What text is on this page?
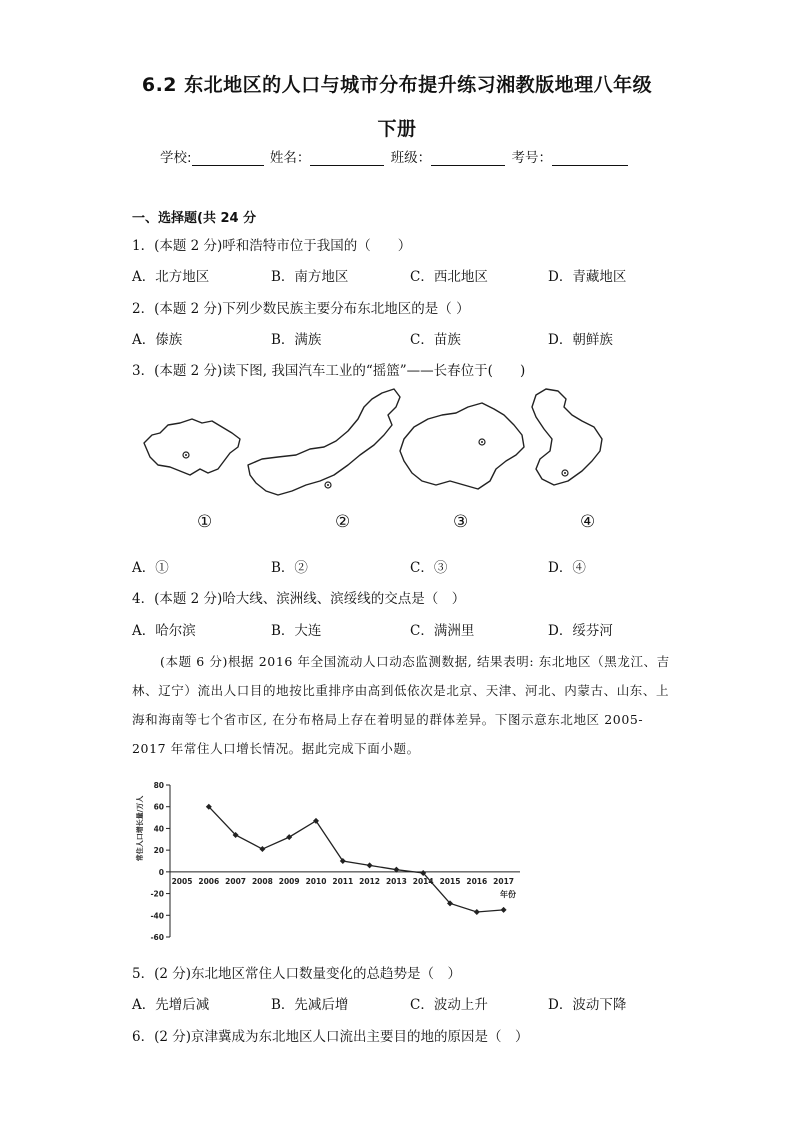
6.2 东北地区的人口与城市分布提升练习湘教版地理八年级
下册
学校:	姓名：	班级：	考号：
一、选择题(共 24 分
1．(本题 2 分)呼和浩特市位于我国的（　　）
A．北方地区	B．南方地区	C．西北地区	D．青藏地区
2．(本题 2 分)下列少数民族主要分布东北地区的是（ ）
A．傣族	B．满族	C．苗族	D．朝鲜族
3．(本题 2 分)读下图, 我国汽车工业的“摇篮”——长春位于(　　)
①	②	③	④
A．①	B．②	C．③	D．④
4．(本题 2 分)哈大线、滨洲线、滨绥线的交点是（　）
A．哈尔滨	B．大连	C．满洲里	D．绥芬河
(本题 6 分)根据 2016 年全国流动人口动态监测数据, 结果表明: 东北地区（黑龙江、吉林、辽宁）流出人口目的地按比重排序由高到低依次是北京、天津、河北、内蒙古、山东、上海和海南等七个省市区, 在分布格局上存在着明显的群体差异。下图示意东北地区 2005-2017 年常住人口增长情况。据此完成下面小题。
-60
-40
-20
0
20
40
60
80
2005 2006 2007 2008 2009 2010 2011 2012 2013 2014 2015 2016 2017
年份
常住人口增长量/万人
5．(2 分)东北地区常住人口数量变化的总趋势是（　）
A．先增后减	B．先减后增	C．波动上升	D．波动下降
6．(2 分)京津冀成为东北地区人口流出主要目的地的原因是（　）
